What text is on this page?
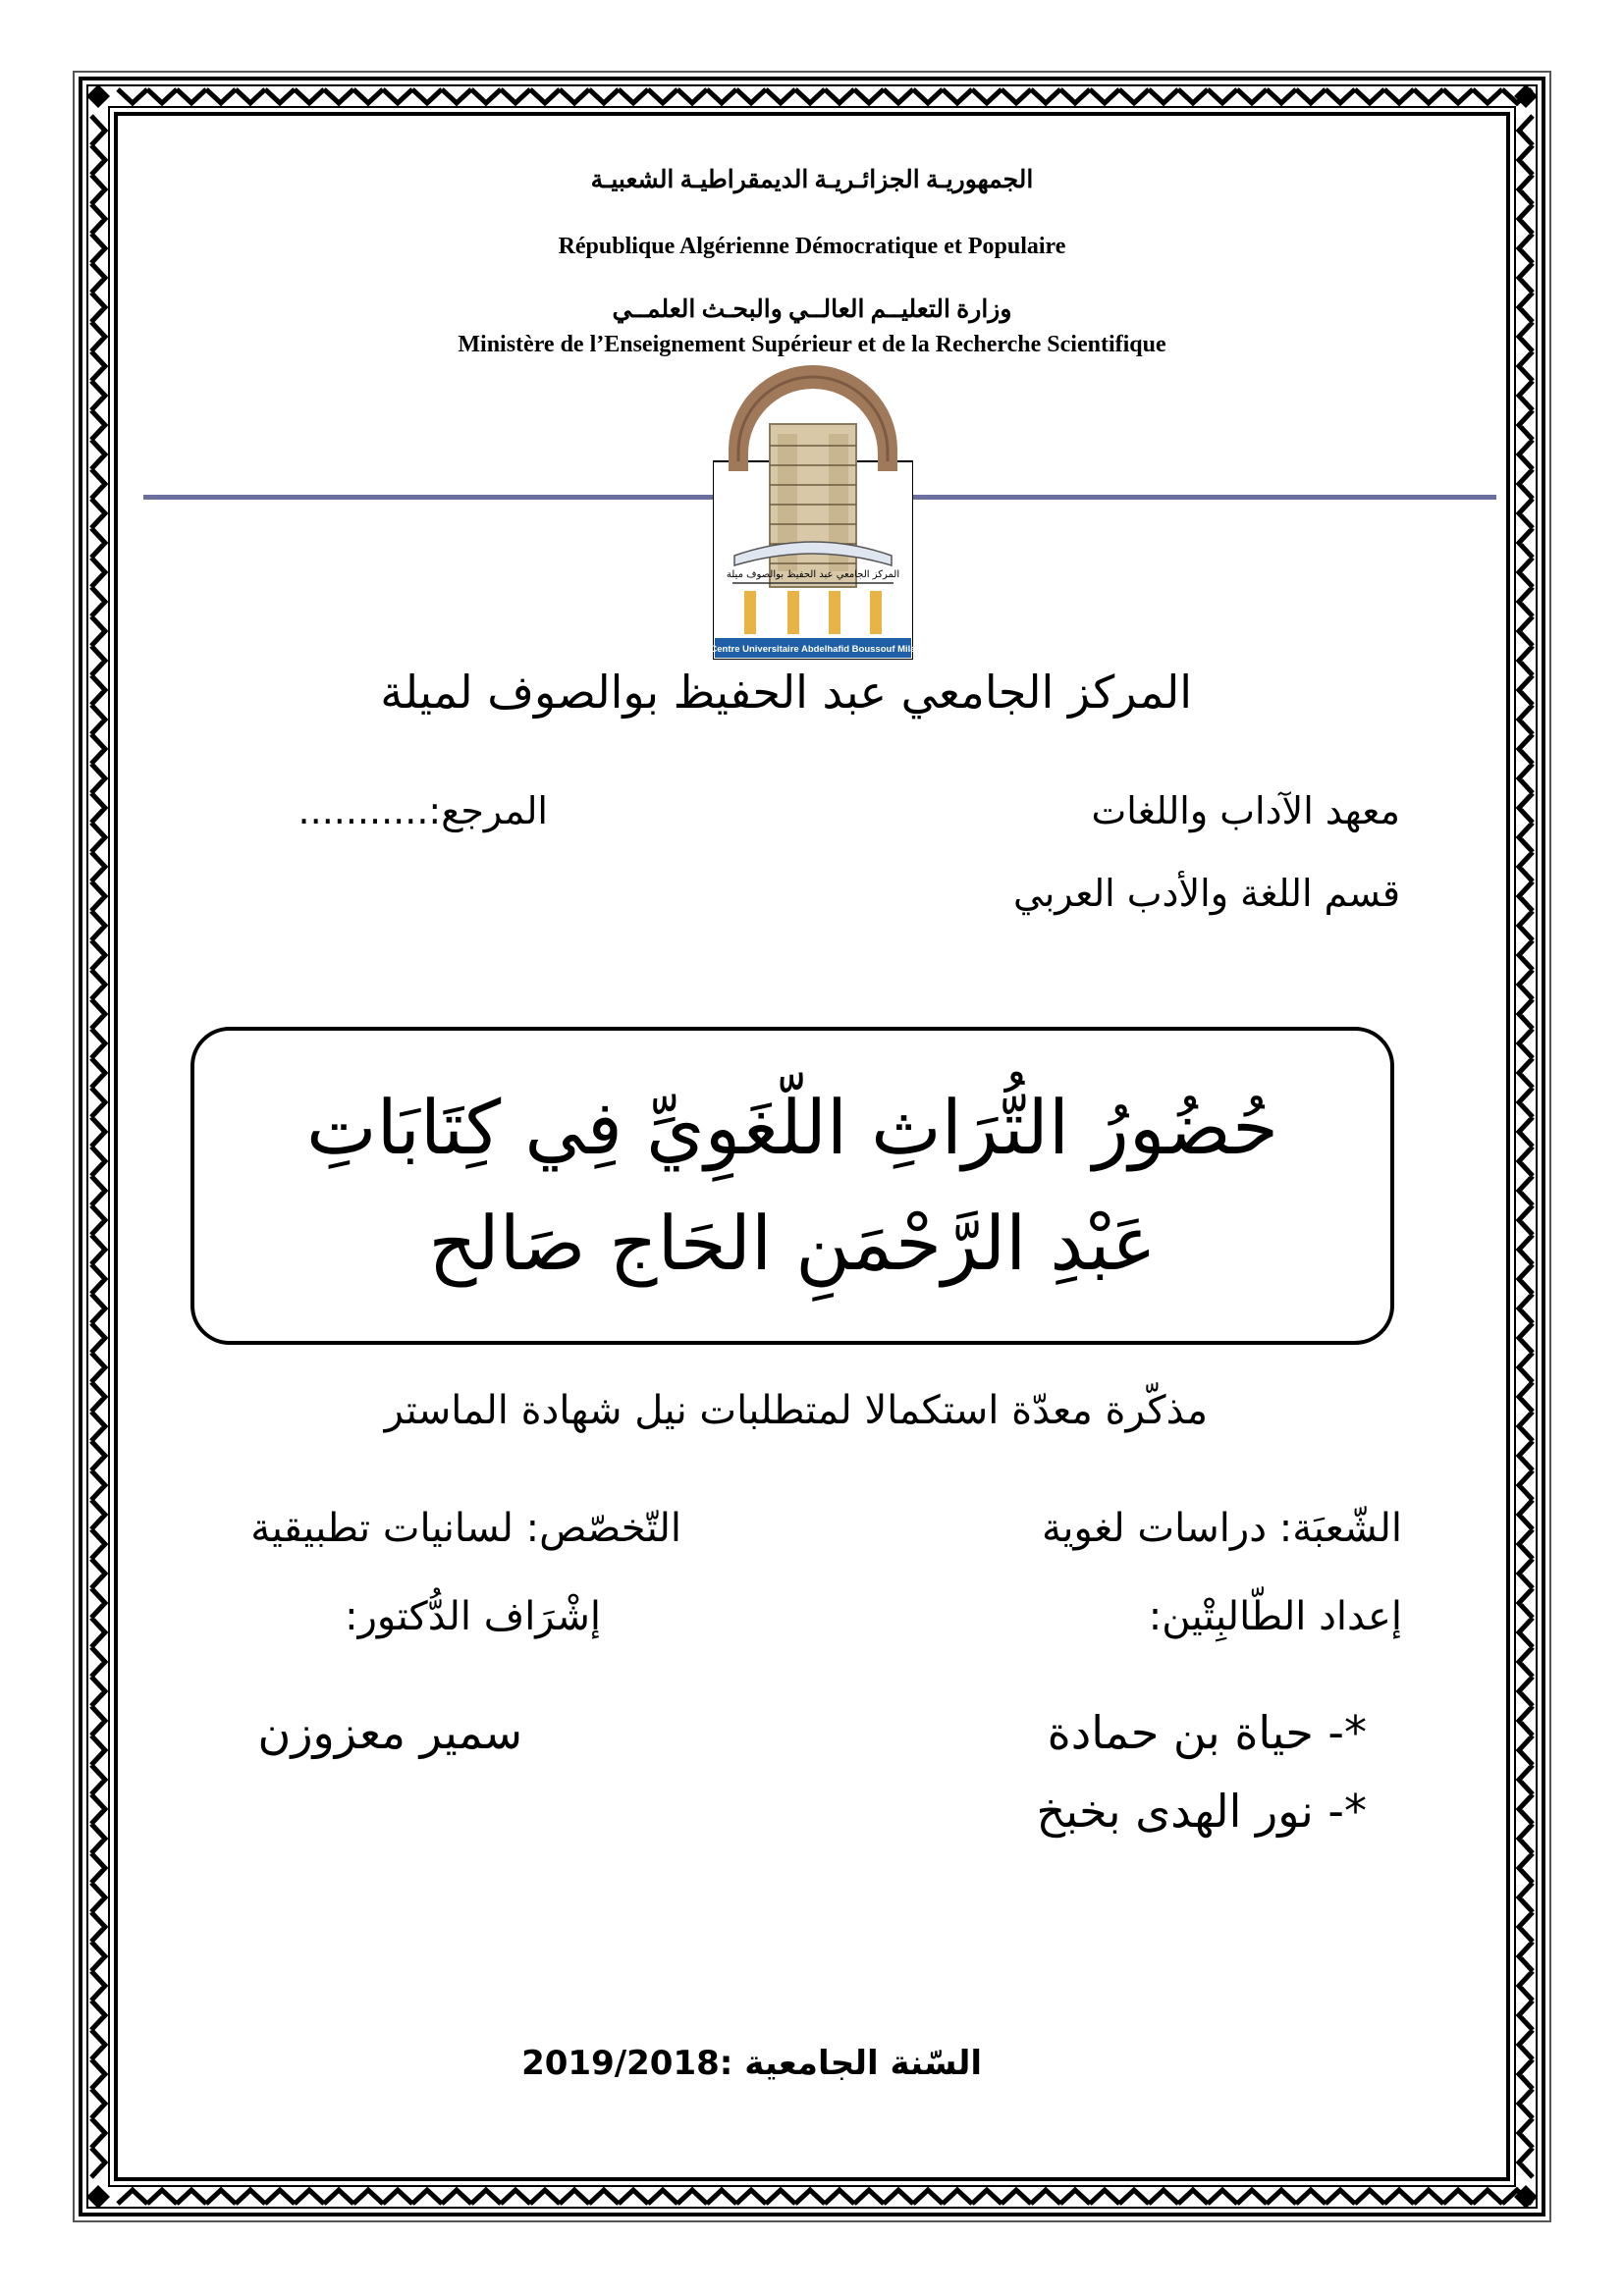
الجمهوريـة الجزائـريـة الديمقراطيـة الشعبيـة
République Algérienne Démocratique et Populaire
وزارة التعليــم العالــي والبحـث العلمــي
Ministère de l’Enseignement Supérieur et de la Recherche Scientifique
المركز الجامعي عبد الحفيظ بوالصوف ميلة
Centre Universitaire Abdelhafid Boussouf Mila
المركز الجامعي عبد الحفيظ بوالصوف لميلة
معهد الآداب واللغات
المرجع:...........
قسم اللغة والأدب العربي
حُضُورُ التُّرَاثِ اللّغَوِيِّ فِي كِتَابَاتِ
عَبْدِ الرَّحْمَنِ الحَاج صَالح
مذكّرة معدّة استكمالا لمتطلبات نيل شهادة الماستر
الشّعبَة: دراسات لغوية
التّخصّص: لسانيات تطبيقية
إعداد الطّالبِتْين:
إشْرَاف الدُّكتور:
*- حياة بن حمادة
*- نور الهدى بخبخ
سمير معزوزن
السّنة الجامعية :2019/2018
